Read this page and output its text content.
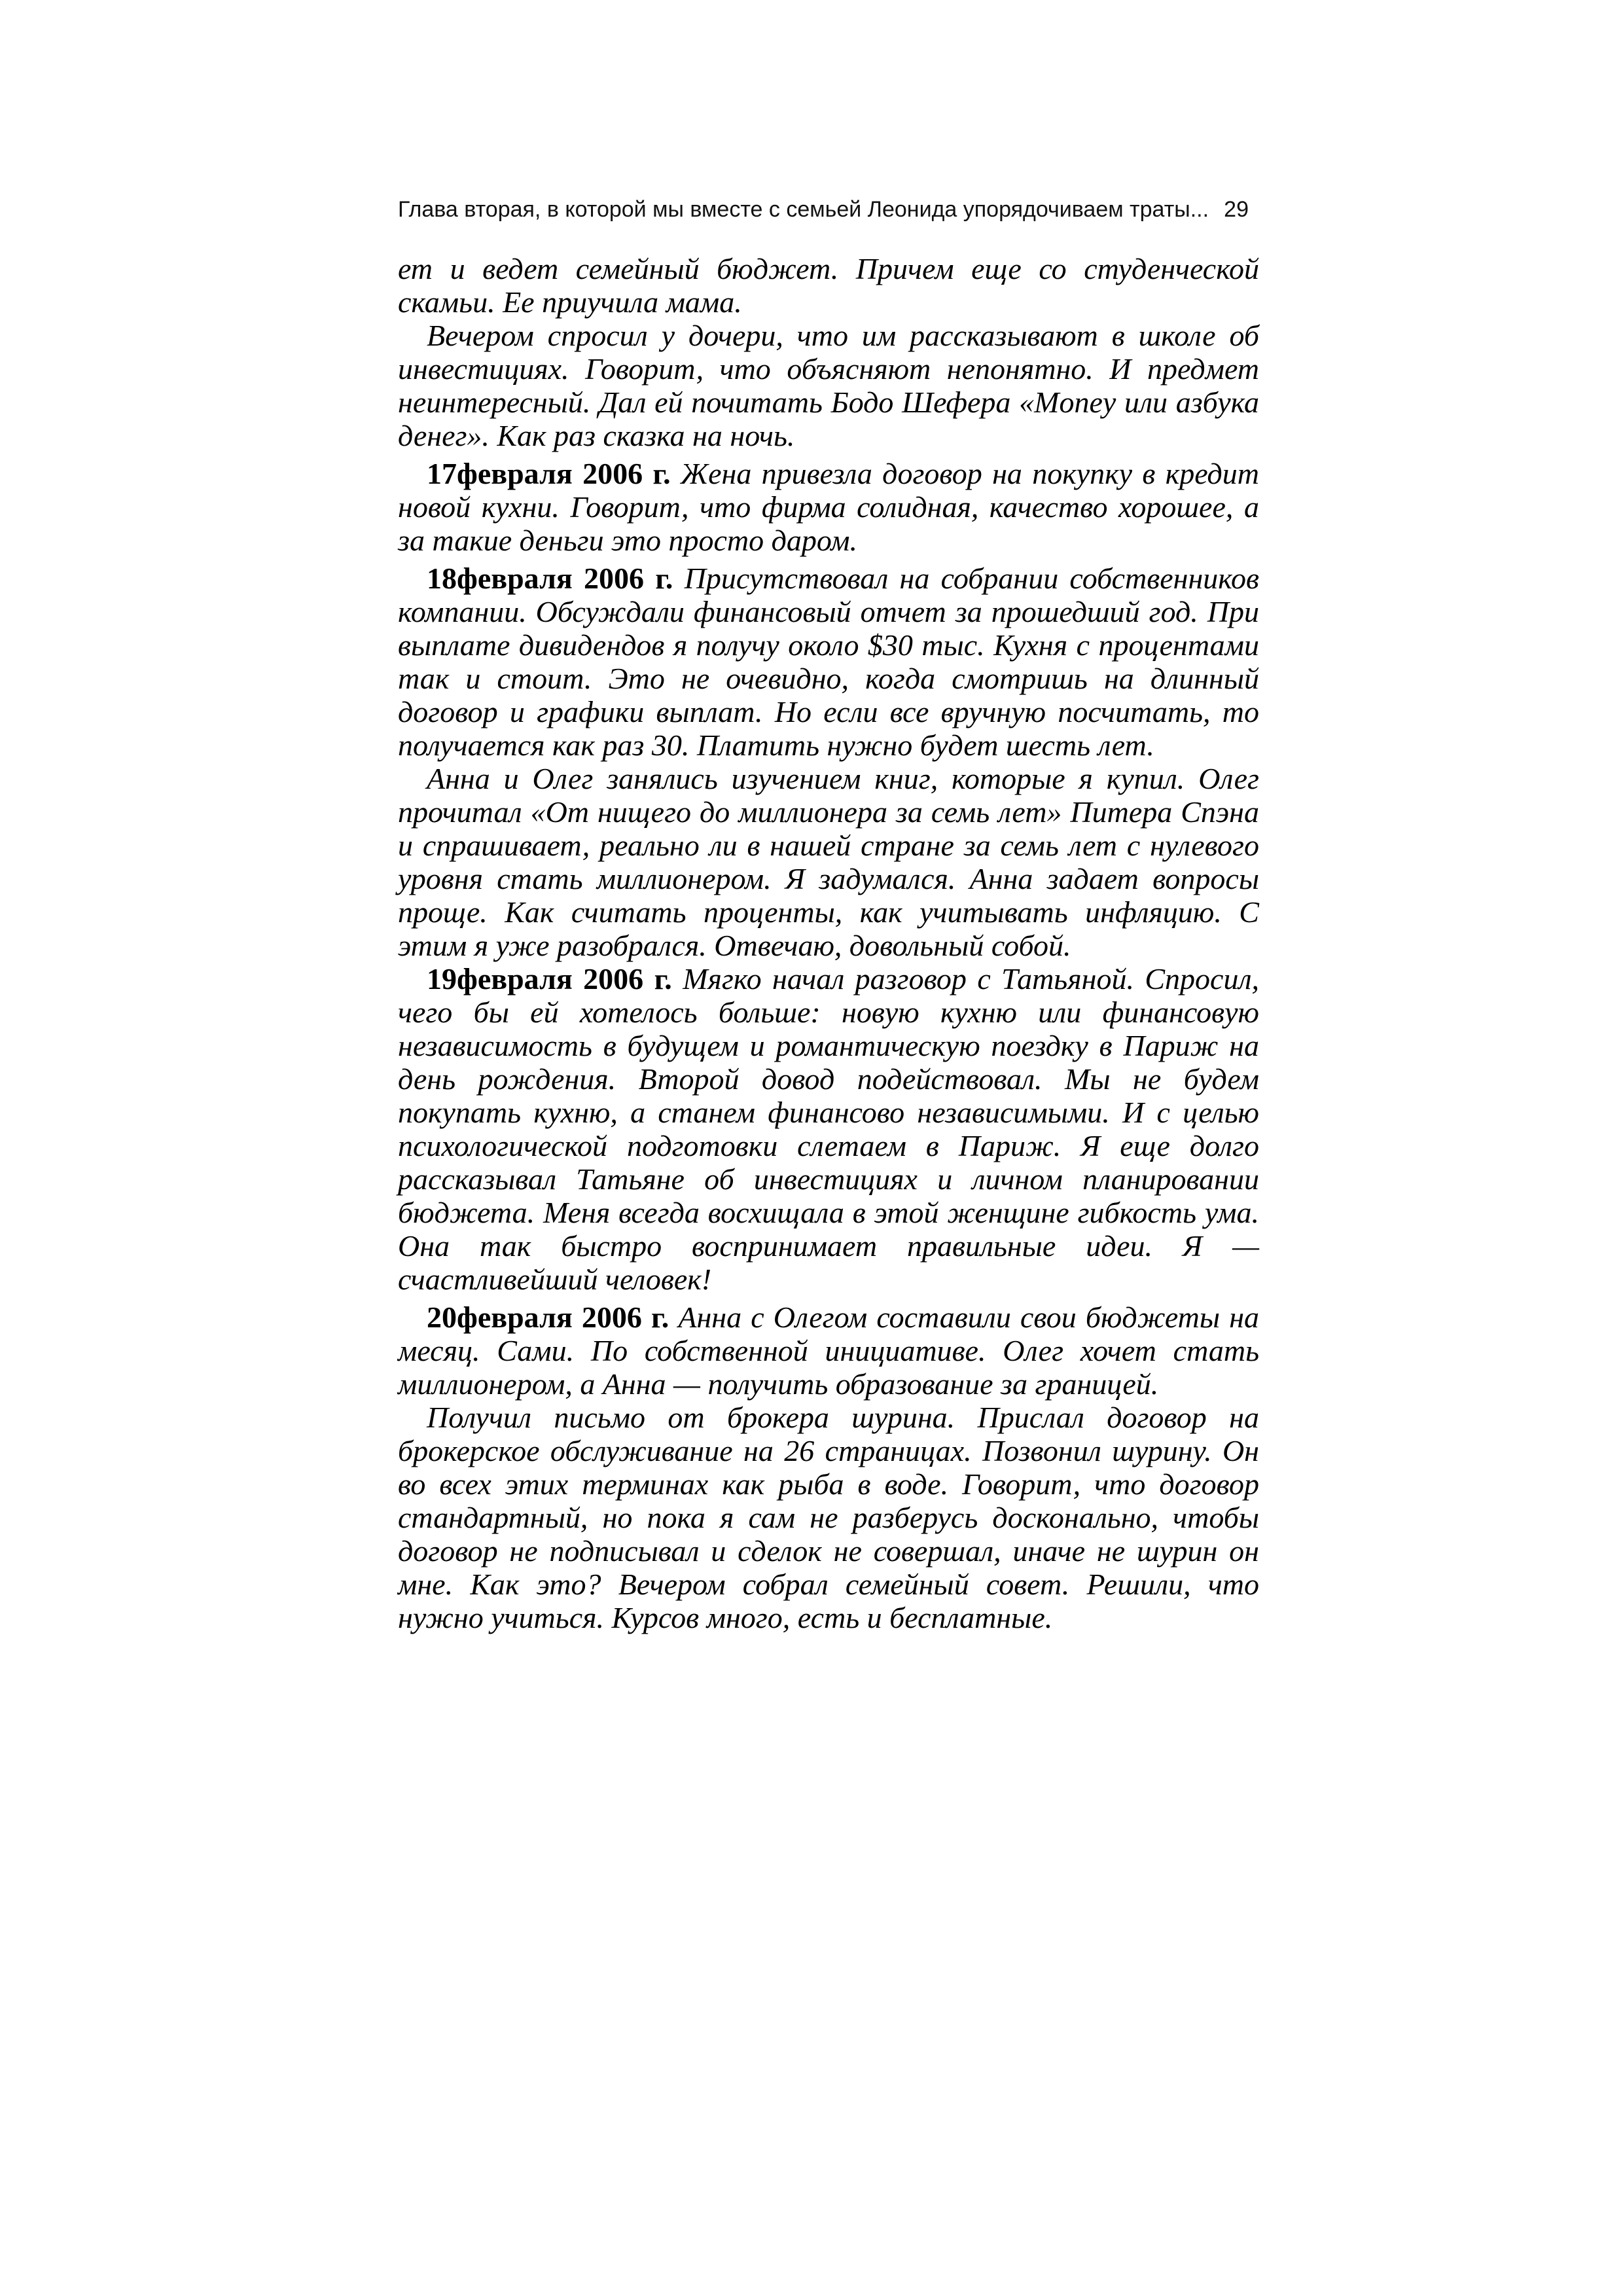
Глава вторая, в которой мы вместе с семьей Леонида упорядочиваем траты... 29

ет и ведет семейный бюджет. Причем еще со студенческой скамьи. Ее приучила мама.

Вечером спросил у дочери, что им рассказывают в школе об инвестициях. Говорит, что объясняют непонятно. И предмет неинтересный. Дал ей почитать Бодо Шефера «Money или азбука денег». Как раз сказка на ночь.

17февраля 2006 г. Жена привезла договор на покупку в кредит новой кухни. Говорит, что фирма солидная, качество хорошее, а за такие деньги это просто даром.

18февраля 2006 г. Присутствовал на собрании собственников компании. Обсуждали финансовый отчет за прошедший год. При выплате дивидендов я получу около $30 тыс. Кухня с процентами так и стоит. Это не очевидно, когда смотришь на длинный договор и графики выплат. Но если все вручную посчитать, то получается как раз 30. Платить нужно будет шесть лет.

Анна и Олег занялись изучением книг, которые я купил. Олег прочитал «От нищего до миллионера за семь лет» Питера Спэна и спрашивает, реально ли в нашей стране за семь лет с нулевого уровня стать миллионером. Я задумался. Анна задает вопросы проще. Как считать проценты, как учитывать инфляцию. С этим я уже разобрался. Отвечаю, довольный собой.

19февраля 2006 г. Мягко начал разговор с Татьяной. Спросил, чего бы ей хотелось больше: новую кухню или финансовую независимость в будущем и романтическую поездку в Париж на день рождения. Второй довод подействовал. Мы не будем покупать кухню, а станем финансово независимыми. И с целью психологической подготовки слетаем в Париж. Я еще долго рассказывал Татьяне об инвестициях и личном планировании бюджета. Меня всегда восхищала в этой женщине гибкость ума. Она так быстро воспринимает правильные идеи. Я — счастливейший человек!

20февраля 2006 г. Анна с Олегом составили свои бюджеты на месяц. Сами. По собственной инициативе. Олег хочет стать миллионером, а Анна — получить образование за границей.

Получил письмо от брокера шурина. Прислал договор на брокерское обслуживание на 26 страницах. Позвонил шурину. Он во всех этих терминах как рыба в воде. Говорит, что договор стандартный, но пока я сам не разберусь досконально, чтобы договор не подписывал и сделок не совершал, иначе не шурин он мне. Как это? Вечером собрал семейный совет. Решили, что нужно учиться. Курсов много, есть и бесплатные.
